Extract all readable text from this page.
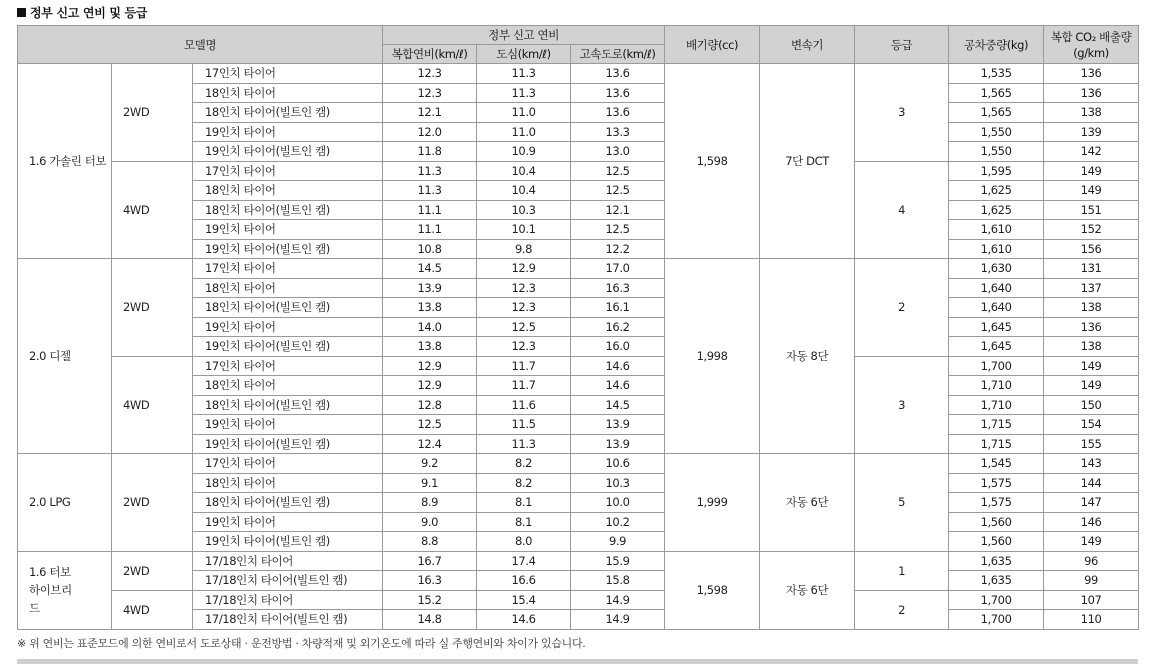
정부 신고 연비 및 등급
모델명			정부 신고 연비			배기량(cc)	변속기	등급	공차중량(kg)	복합 CO₂ 배출량
(g/km)
			복합연비(km/ℓ)	도심(km/ℓ)	고속도로(km/ℓ)					
1.6 가솔린 터보	2WD	17인치 타이어	12.3	11.3	13.6	1,598	7단 DCT	3	1,535	136
		18인치 타이어	12.3	11.3	13.6				1,565	136
		18인치 타이어(빌트인 캠)	12.1	11.0	13.6				1,565	138
		19인치 타이어	12.0	11.0	13.3				1,550	139
		19인치 타이어(빌트인 캠)	11.8	10.9	13.0				1,550	142
	4WD	17인치 타이어	11.3	10.4	12.5			4	1,595	149
		18인치 타이어	11.3	10.4	12.5				1,625	149
		18인치 타이어(빌트인 캠)	11.1	10.3	12.1				1,625	151
		19인치 타이어	11.1	10.1	12.5				1,610	152
		19인치 타이어(빌트인 캠)	10.8	9.8	12.2				1,610	156
2.0 디젤	2WD	17인치 타이어	14.5	12.9	17.0	1,998	자동 8단	2	1,630	131
		18인치 타이어	13.9	12.3	16.3				1,640	137
		18인치 타이어(빌트인 캠)	13.8	12.3	16.1				1,640	138
		19인치 타이어	14.0	12.5	16.2				1,645	136
		19인치 타이어(빌트인 캠)	13.8	12.3	16.0				1,645	138
	4WD	17인치 타이어	12.9	11.7	14.6			3	1,700	149
		18인치 타이어	12.9	11.7	14.6				1,710	149
		18인치 타이어(빌트인 캠)	12.8	11.6	14.5				1,710	150
		19인치 타이어	12.5	11.5	13.9				1,715	154
		19인치 타이어(빌트인 캠)	12.4	11.3	13.9				1,715	155
2.0 LPG	2WD	17인치 타이어	9.2	8.2	10.6	1,999	자동 6단	5	1,545	143
		18인치 타이어	9.1	8.2	10.3				1,575	144
		18인치 타이어(빌트인 캠)	8.9	8.1	10.0				1,575	147
		19인치 타이어	9.0	8.1	10.2				1,560	146
		19인치 타이어(빌트인 캠)	8.8	8.0	9.9				1,560	149
1.6 터보 하이브리드	2WD	17/18인치 타이어	16.7	17.4	15.9	1,598	자동 6단	1	1,635	96
		17/18인치 타이어(빌트인 캠)	16.3	16.6	15.8				1,635	99
	4WD	17/18인치 타이어	15.2	15.4	14.9			2	1,700	107
		17/18인치 타이어(빌트인 캠)	14.8	14.6	14.9				1,700	110
※ 위 연비는 표준모드에 의한 연비로서 도로상태 · 운전방법 · 차량적재 및 외기온도에 따라 실 주행연비와 차이가 있습니다.
